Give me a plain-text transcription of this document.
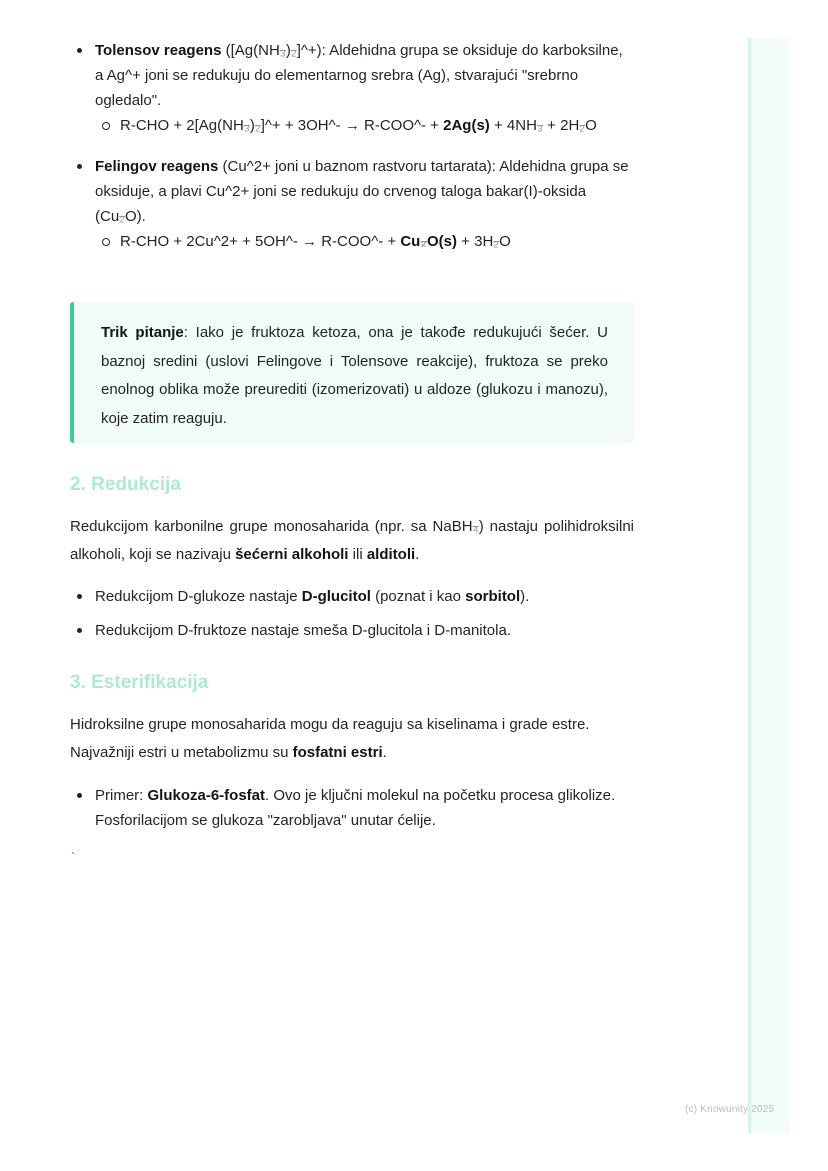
Tolensov reagens ([Ag(NH₃)₂]^+): Aldehidna grupa se oksiduje do karboksilne, a Ag^+ joni se redukuju do elementarnog srebra (Ag), stvarajući "srebrno ogledalo".
R-CHO + 2[Ag(NH₃)₂]^+ + 3OH^- → R-COO^- + 2Ag(s) + 4NH₃ + 2H₂O
Felingov reagens (Cu^2+ joni u baznom rastvoru tartarata): Aldehidna grupa se oksiduje, a plavi Cu^2+ joni se redukuju do crvenog taloga bakar(I)-oksida (Cu₂O).
R-CHO + 2Cu^2+ + 5OH^- → R-COO^- + Cu₂O(s) + 3H₂O
Trik pitanje: Iako je fruktoza ketoza, ona je takođe redukujući šećer. U baznoj sredini (uslovi Felingove i Tolensove reakcije), fruktoza se preko enolnog oblika može preurediti (izomerizovati) u aldoze (glukozu i manozu), koje zatim reaguju.
2. Redukcija
Redukcijom karbonilne grupe monosaharida (npr. sa NaBH₄) nastaju polihidroksilni alkoholi, koji se nazivaju šećerni alkoholi ili alditoli.
Redukcijom D-glukoze nastaje D-glucitol (poznat i kao sorbitol).
Redukcijom D-fruktoze nastaje smeša D-glucitola i D-manitola.
3. Esterifikacija
Hidroksilne grupe monosaharida mogu da reaguju sa kiselinama i grade estre. Najvažniji estri u metabolizmu su fosfatni estri.
Primer: Glukoza-6-fosfat. Ovo je ključni molekul na početku procesa glikolize. Fosforilacijom se glukoza "zarobljava" unutar ćelije.
`
(c) Knowunity 2025
